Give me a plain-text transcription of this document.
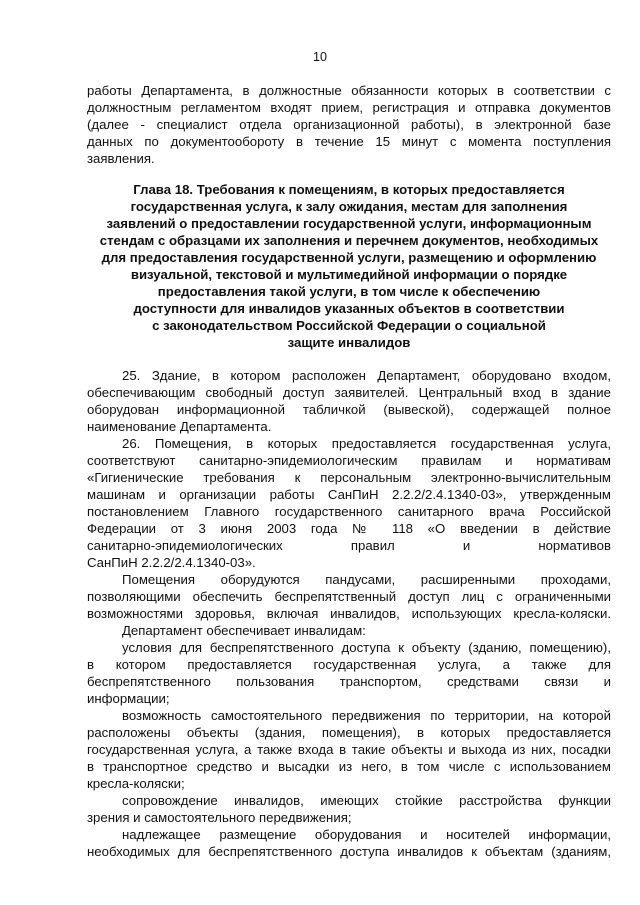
10
работы Департамента, в должностные обязанности которых в соответствии с
должностным регламентом входят прием, регистрация и отправка документов
(далее - специалист отдела организационной работы), в электронной базе
данных по документообороту в течение 15 минут с момента поступления
заявления.
Глава 18. Требования к помещениям, в которых предоставляется
государственная услуга, к залу ожидания, местам для заполнения
заявлений о предоставлении государственной услуги, информационным
стендам с образцами их заполнения и перечнем документов, необходимых
для предоставления государственной услуги, размещению и оформлению
визуальной, текстовой и мультимедийной информации о порядке
предоставления такой услуги, в том числе к обеспечению
доступности для инвалидов указанных объектов в соответствии
с законодательством Российской Федерации о социальной
защите инвалидов
25. Здание, в котором расположен Департамент, оборудовано входом,
обеспечивающим свободный доступ заявителей. Центральный вход в здание
оборудован информационной табличкой (вывеской), содержащей полное
наименование Департамента.
26. Помещения, в которых предоставляется государственная услуга,
соответствуют санитарно-эпидемиологическим правилам и нормативам
«Гигиенические требования к персональным электронно-вычислительным
машинам и организации работы СанПиН 2.2.2/2.4.1340-03», утвержденным
постановлением Главного государственного санитарного врача Российской
Федерации от 3 июня 2003 года № 118 «О введении в действие
санитарно-эпидемиологических правил и нормативов
СанПиН 2.2.2/2.4.1340-03».
Помещения оборудуются пандусами, расширенными проходами,
позволяющими обеспечить беспрепятственный доступ лиц с ограниченными
возможностями здоровья, включая инвалидов, использующих кресла-коляски.
Департамент обеспечивает инвалидам:
условия для беспрепятственного доступа к объекту (зданию, помещению),
в котором предоставляется государственная услуга, а также для
беспрепятственного пользования транспортом, средствами связи и
информации;
возможность самостоятельного передвижения по территории, на которой
расположены объекты (здания, помещения), в которых предоставляется
государственная услуга, а также входа в такие объекты и выхода из них, посадки
в транспортное средство и высадки из него, в том числе с использованием
кресла-коляски;
сопровождение инвалидов, имеющих стойкие расстройства функции
зрения и самостоятельного передвижения;
надлежащее размещение оборудования и носителей информации,
необходимых для беспрепятственного доступа инвалидов к объектам (зданиям,
